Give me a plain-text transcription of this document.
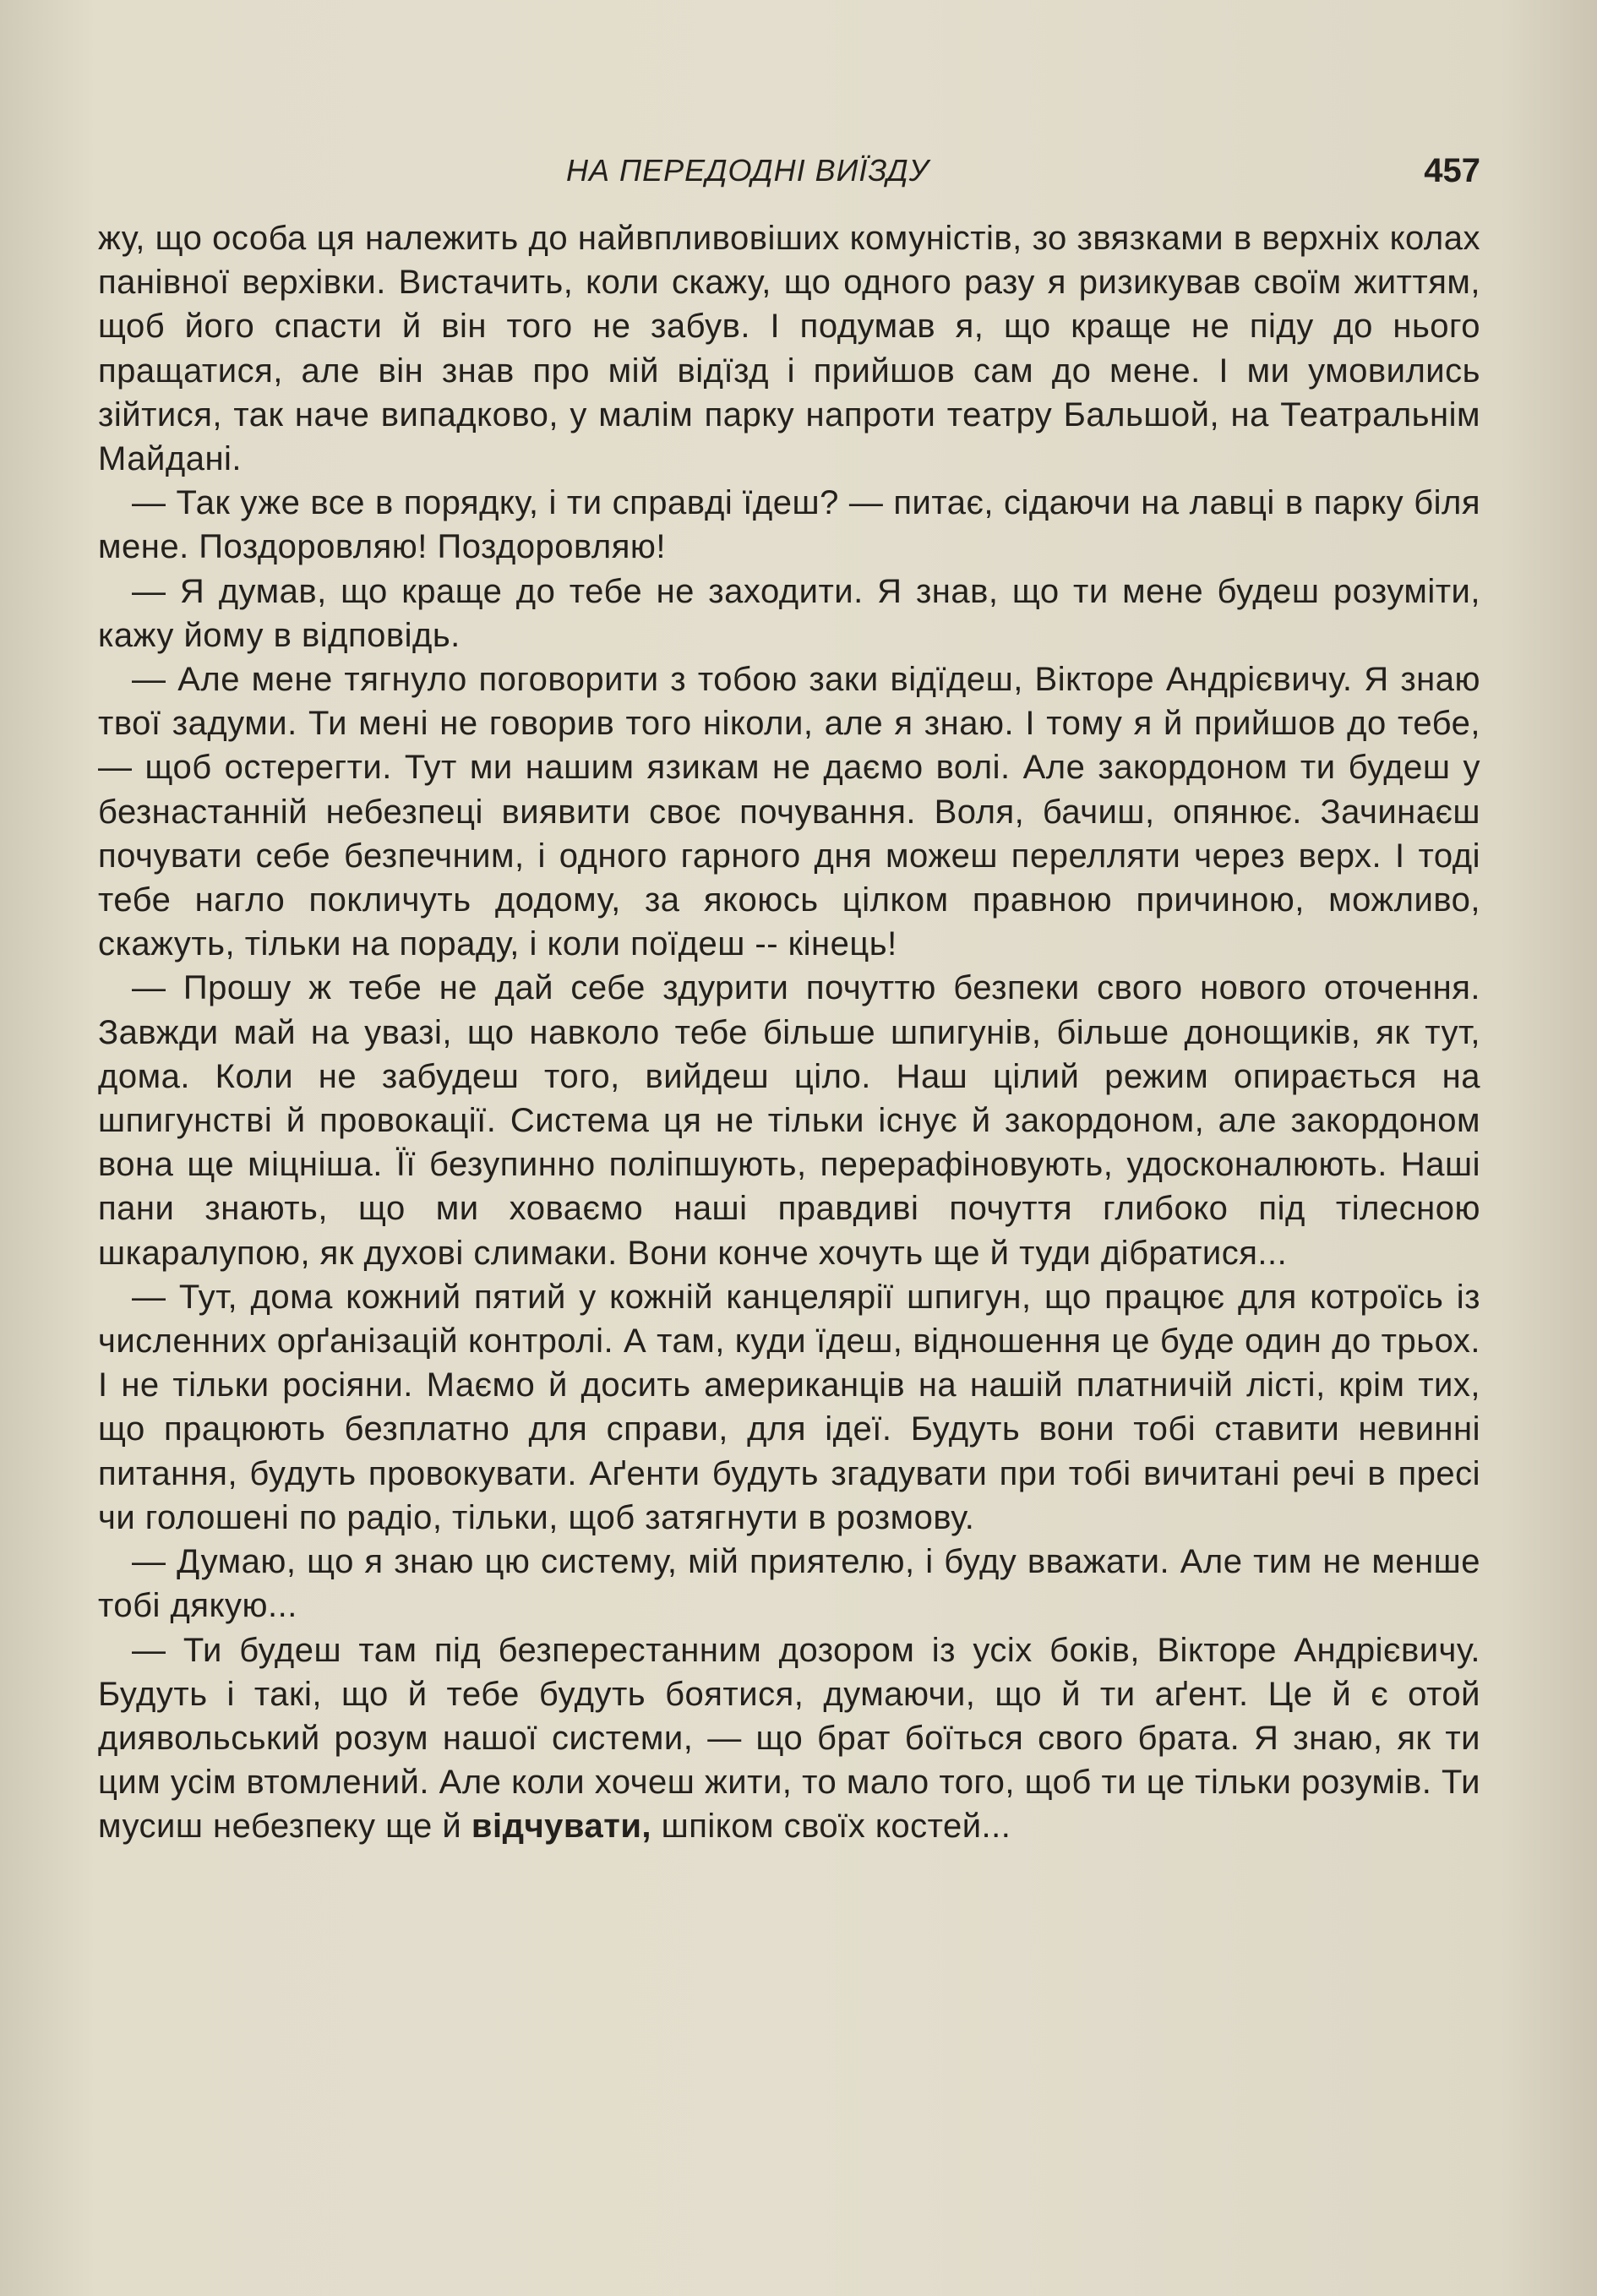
НА ПЕРЕДОДНІ ВИЇЗДУ	457

жу, що особа ця належить до найвпливовіших комуністів, зо звязками в верхніх колах панівної верхівки. Вистачить, коли скажу, що одного разу я ризикував своїм життям, щоб його спасти й він того не забув. І подумав я, що краще не піду до нього пращатися, але він знав про мій відїзд і прийшов сам до мене. І ми умовились зійтися, так наче випадково, у малім парку напроти театру Бальшой, на Театральнім Майдані.

— Так уже все в порядку, і ти справді їдеш? — питає, сідаючи на лавці в парку біля мене. Поздоровляю! Поздоровляю!

— Я думав, що краще до тебе не заходити. Я знав, що ти мене будеш розуміти, кажу йому в відповідь.

— Але мене тягнуло поговорити з тобою заки відїдеш, Вікторе Андрієвичу. Я знаю твої задуми. Ти мені не говорив того ніколи, але я знаю. І тому я й прийшов до тебе, — щоб остерегти. Тут ми нашим язикам не даємо волі. Але закордоном ти будеш у безнастанній небезпеці виявити своє почування. Воля, бачиш, опянює. Зачинаєш почувати себе безпечним, і одного гарного дня можеш перелляти через верх. І тоді тебе нагло покличуть додому, за якоюсь цілком правною причиною, можливо, скажуть, тільки на пораду, і коли поїдеш -- кінець!

— Прошу ж тебе не дай себе здурити почуттю безпеки свого нового оточення. Завжди май на увазі, що навколо тебе більше шпигунів, більше донощиків, як тут, дома. Коли не забудеш того, вийдеш цілo. Наш цілий режим опирається на шпигунстві й провокації. Система ця не тільки існує й закордоном, але закордоном вона ще міцніша. Її безупинно поліпшують, перерафіновують, удосконалюють. Наші пани знають, що ми ховаємо наші правдиві почуття глибоко під тілесною шкаралупою, як духові слимаки. Вони конче хочуть ще й туди дібратися...

— Тут, дома кожний пятий у кожній канцелярії шпигун, що працює для котроїсь із численних орґанізацій контролі. А там, куди їдеш, відношення це буде один до трьох. І не тільки росіяни. Маємо й досить американців на нашій платничій лісті, крім тих, що працюють безплатно для справи, для ідеї. Будуть вони тобі ставити невинні питання, будуть провокувати. Аґенти будуть згадувати при тобі вичитані речі в пресі чи голошені по радіо, тільки, щоб затягнути в розмову.

— Думаю, що я знаю цю систему, мій приятелю, і буду вважати. Але тим не менше тобі дякую...

— Ти будеш там під безперестанним дозором із усіх боків, Вікторе Андрієвичу. Будуть і такі, що й тебе будуть боятися, думаючи, що й ти аґент. Це й є отой диявольський розум нашої системи, — що брат боїться свого брата. Я знаю, як ти цим усім втомлений. Але коли хочеш жити, то мало того, щоб ти це тільки розумів. Ти мусиш небезпеку ще й відчувати, шпіком своїх костей...
